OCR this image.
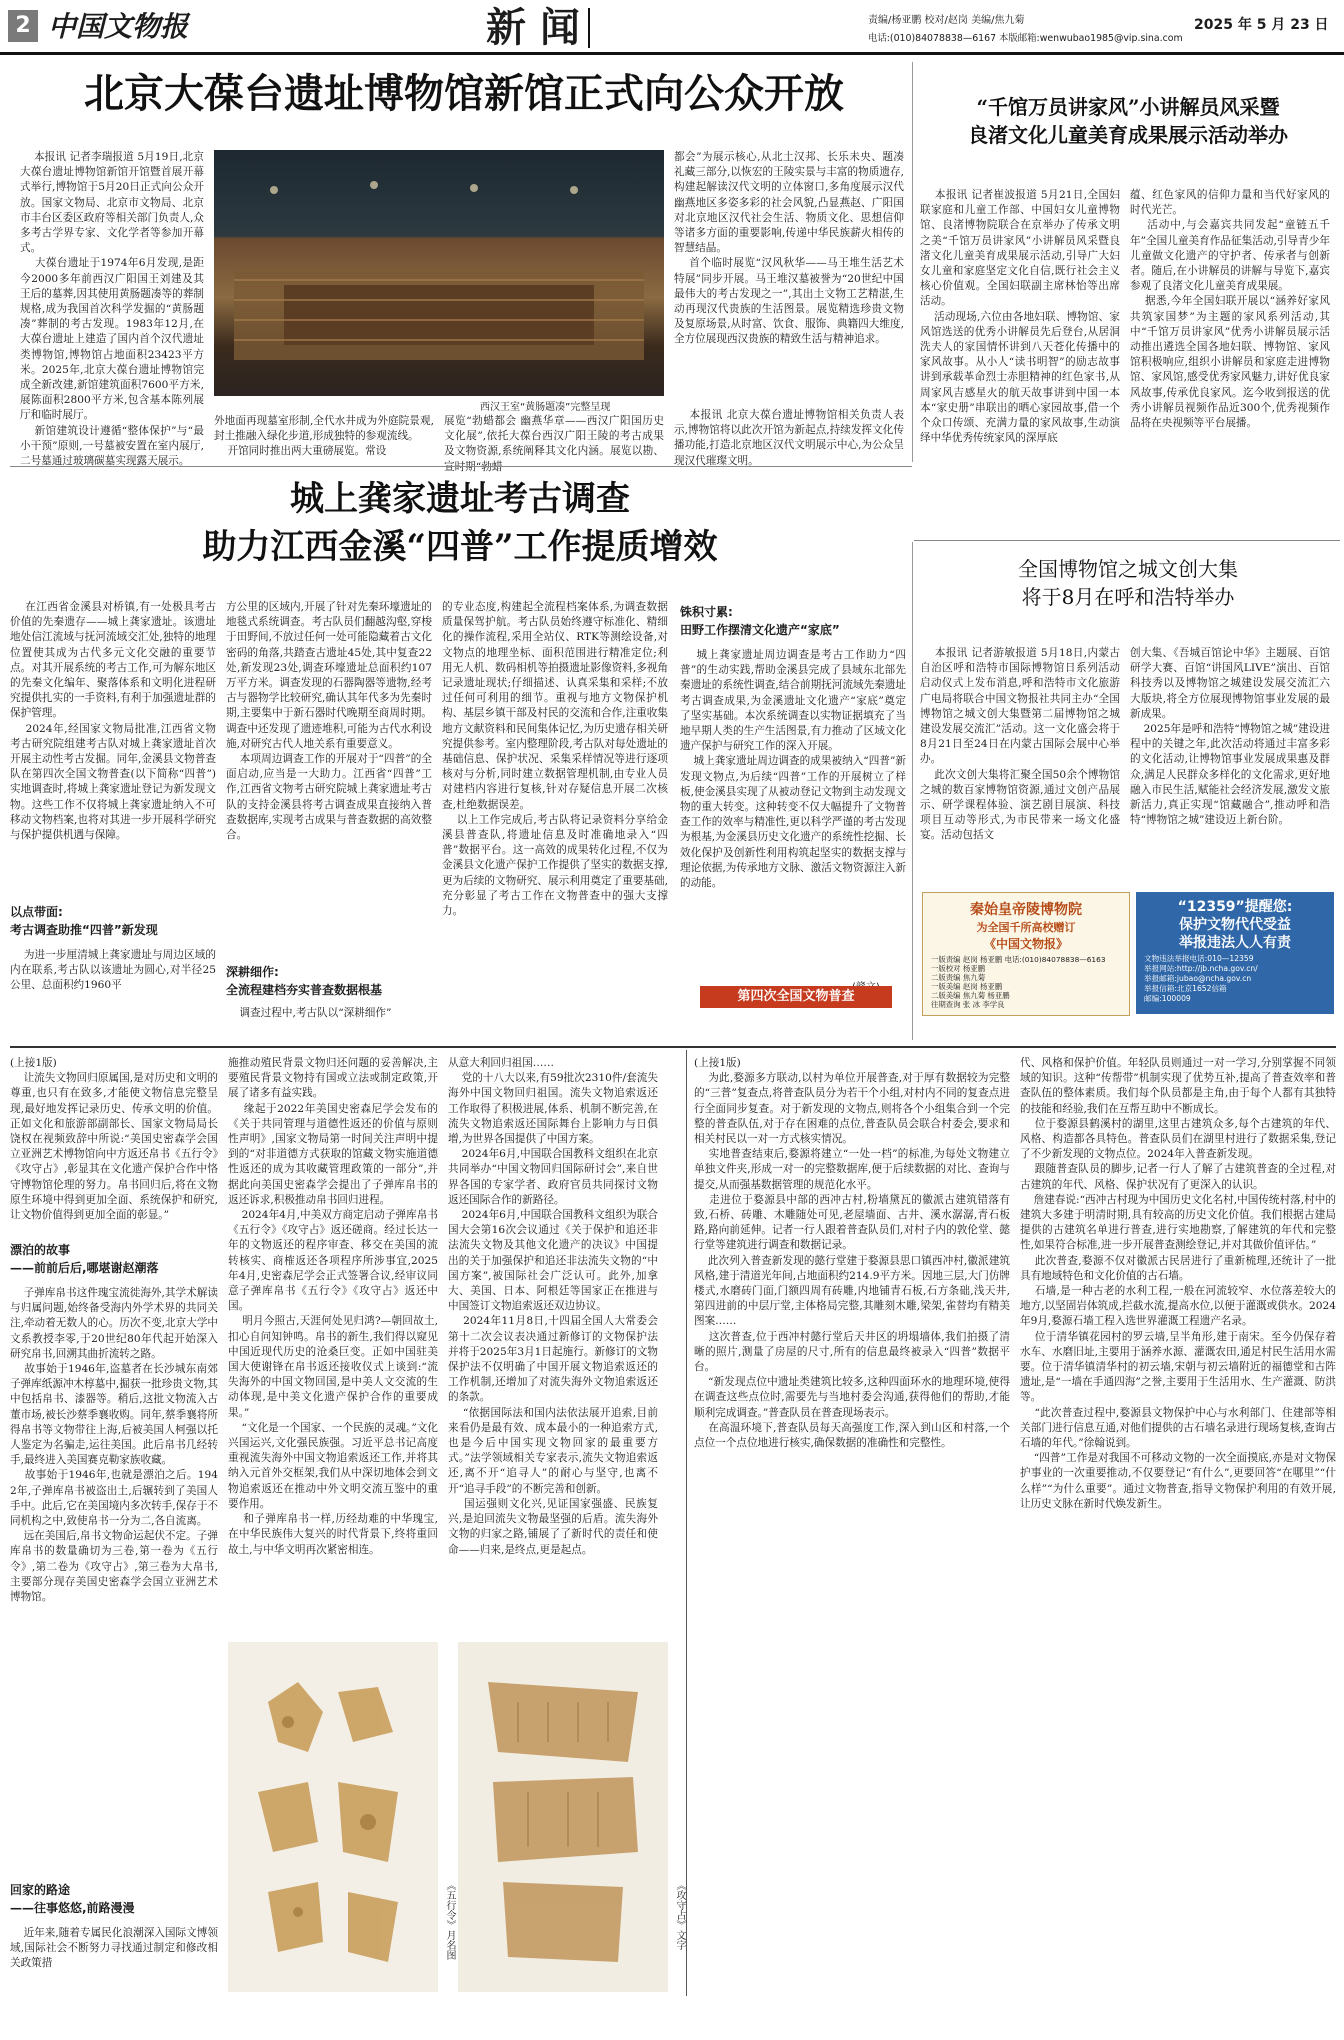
2 中国文物报	新 闻	责编/杨亚鹏 校对/赵岗 美编/焦九菊
电话:(010)84078838—6167 本版邮箱:wenwubao1985@vip.sina.com
2025 年 5 月 23 日
北京大葆台遗址博物馆新馆正式向公众开放
本报讯 记者李瑞报道 5月19日,北京大葆台遗址博物馆新馆开馆暨首展开幕式举行,博物馆于5月20日正式向公众开放。国家文物局、北京市文物局、北京市丰台区委区政府等相关部门负责人,众多考古学界专家、文化学者等参加开幕式。
大葆台遗址于1974年6月发现,是距今2000多年前西汉广阳国王刘建及其王后的墓葬,因其使用黄肠题凑等的葬制规格,成为我国首次科学发掘的“黄肠题凑”葬制的考古发现。1983年12月,在大葆台遗址上建造了国内首个汉代遗址类博物馆,博物馆占地面积23423平方米。2025年,北京大葆台遗址博物馆完成全新改建,新馆建筑面积7600平方米,展陈面积2800平方米,包含基本陈列展厅和临时展厅。
新馆建筑设计遵循“整体保护”与“最小干预”原则,一号墓被安置在室内展厅,二号墓通过玻璃碳墓实现露天展示。
西汉王室“黄肠题凑”完整呈现
外地面再现墓室形制,全代水井成为外庭院景观,封土推融入绿化步道,形成独特的参观流线。
开馆同时推出两大重磅展览。常设
展览“勃蜡都会 幽燕华章——西汉广阳国历史文化展”,依托大葆台西汉广阳王陵的考古成果及文物资源,系统阐释其文化内涵。展览以勘、宣时期“勃蜡
都会”为展示核心,从北土汉邦、长乐未央、题凑礼藏三部分,以恢宏的王陵实景与丰富的物质遗存,构建起解读汉代文明的立体窗口,多角度展示汉代幽燕地区多姿多彩的社会风貌,凸显燕赵、广阳国对北京地区汉代社会生活、物质文化、思想信仰等诸多方面的重要影响,传递中华民族薪火相传的智慧结晶。
首个临时展览“汉风秋华——马王堆生活艺术特展”同步开展。马王堆汉墓被誉为“20世纪中国最伟大的考古发现之一”,其出土文物工艺精湛,生动再现汉代贵族的生活图景。展览精选珍贵文物及复原场景,从时富、饮食、服饰、典籍四大维度,全方位展现西汉贵族的精致生活与精神追求。
本报讯 北京大葆台遗址博物馆相关负责人表示,博物馆将以此次开馆为新起点,持续发挥文化传播功能,打造北京地区汉代文明展示中心,为公众呈现汉代璀璨文明。
“千馆万员讲家风”小讲解员风采暨
良渚文化儿童美育成果展示活动举办
本报讯 记者崔波报道 5月21日,全国妇联家庭和儿童工作部、中国妇女儿童博物馆、良渚博物院联合在京举办了传承文明之美“千馆万员讲家风”小讲解员风采暨良渚文化儿童美育成果展示活动,引导广大妇女儿童和家庭坚定文化自信,既行社会主义核心价值观。全国妇联副主席林怡等出席活动。
活动现场,六位由各地妇联、博物馆、家风馆选送的优秀小讲解员先后登台,从居洞洗夫人的家国情怀讲到八天苍化传播中的家风故事。从小人“读书明智”的励志故事讲到承载革命烈士赤胆精神的红色家书,从周家风吉感星火的航天故事讲到中国一本本“家史册”串联出的晒心家园故事,借一个个众口传颂、充满力量的家风故事,生动演绎中华优秀传统家风的深厚底
蕴、红色家风的信仰力量和当代好家风的时代光芒。
活动中,与会嘉宾共同发起“童链五千年”全国儿童美育作品征集活动,引导青少年儿童做文化遗产的守护者、传承者与创新者。随后,在小讲解员的讲解与导览下,嘉宾参观了良渚文化儿童美育成果展。
据悉,今年全国妇联开展以“涵养好家风 共筑家国梦”为主题的家风系列活动,其中“千馆万员讲家风”优秀小讲解员展示活动推出遴选全国各地妇联、博物馆、家风馆积极响应,组织小讲解员和家庭走进博物馆、家风馆,感受优秀家风魅力,讲好优良家风故事,传承优良家风。迄今收到报送的优秀小讲解员视频作品近300个,优秀视频作品将在央视频等平台展播。
城上龚家遗址考古调查
助力江西金溪“四普”工作提质增效
在江西省金溪县对桥镇,有一处极具考古价值的先秦遗存——城上龚家遗址。该遗址地处信江流域与抚河流域交汇处,独特的地理位置使其成为古代多元文化交融的重要节点。对其开展系统的考古工作,可为解东地区的先秦文化编年、聚落体系和文明化进程研究提供扎实的一手资料,有利于加强遗址群的保护管理。
2024年,经国家文物局批准,江西省文物考古研究院组建考古队对城上龚家遗址首次开展主动性考古发掘。同年,金溪县文物普查队在第四次全国文物普查(以下简称“四普”)实地调查时,将城上龚家遗址登记为新发现文物。这些工作不仅将城上龚家遗址纳入不可移动文物档案,也将对其进一步开展科学研究与保护提供机遇与保障。
以点带面:
考古调查助推“四普”新发现
为进一步厘清城上龚家遗址与周边区域的内在联系,考古队以该遗址为圆心,对半径25公里、总面积约1960平
方公里的区域内,开展了针对先秦环壕遗址的地毯式系统调查。考古队员们翻越沟壑,穿梭于田野间,不放过任何一处可能隐藏着古文化密码的角落,共踏查古遗址45处,其中复查22处,新发现23处,调查环壕遗址总面积约107万平方米。调查发现的石器陶器等遗物,经考古与器物学比较研究,确认其年代多为先秦时期,主要集中于新石器时代晚期至商周时期。调查中还发现了遗迹堆积,可能为古代水利设施,对研究古代人地关系有重要意义。
本项周边调查工作的开展对于“四普”的全面启动,应当是一大助力。江西省“四普”工作,江西省文物考古研究院城上龚家遗址考古队的支持金溪县将考古调查成果直接纳入普查数据库,实现考古成果与普查数据的高效整合。
深耕细作:
全流程建档夯实普查数据根基
调查过程中,考古队以“深耕细作”
的专业态度,构建起全流程档案体系,为调查数据质量保驾护航。考古队员始终遵守标准化、精细化的操作流程,采用全站仪、RTK等测绘设备,对文物点的地理坐标、面积范围进行精准定位;利用无人机、数码相机等拍摄遗址影像资料,多视角记录遗址现状;仔细描述、认真采集和采样;不放过任何可利用的细节。重视与地方文物保护机构、基层乡镇干部及村民的交流和合作,注重收集地方文献资料和民间集体记忆,为历史遗存相关研究提供参考。室内整理阶段,考古队对每处遗址的基础信息、保护状况、采集采样情况等进行逐项核对与分析,同时建立数据管理机制,由专业人员对建档内容进行复核,针对存疑信息开展二次核查,杜绝数据误差。
以上工作完成后,考古队将记录资料分享给金溪县普查队,将遗址信息及时准确地录入“四普”数据平台。这一高效的成果转化过程,不仅为金溪县文化遗产保护工作提供了坚实的数据支撑,更为后续的文物研究、展示利用奠定了重要基础,充分彰显了考古工作在文物普查中的强大支撑力。
铢积寸累:
田野工作摆清文化遗产“家底”
城上龚家遗址周边调查是考古工作助力“四普”的生动实践,帮助金溪县完成了县域东北部先秦遗址的系统性调查,结合前期抚河流域先秦遗址考古调查成果,为金溪遗址文化遗产“家底”奠定了坚实基础。本次系统调查以实物证据填充了当地早期人类的生产生活图景,有力推动了区域文化遗产保护与研究工作的深入开展。
城上龚家遗址周边调查的成果被纳入“四普”新发现文物点,为后续“四普”工作的开展树立了样板,使金溪县实现了从被动登记文物到主动发现文物的重大转变。这种转变不仅大幅提升了文物普查工作的效率与精准性,更以科学严谨的考古发现为根基,为金溪县历史文化遗产的系统性挖掘、长效化保护及创新性利用构筑起坚实的数据支撑与理论依据,为传承地方文脉、激活文物资源注入新的动能。
全国博物馆之城文创大集
将于8月在呼和浩特举办
本报讯 记者游敏报道 5月18日,内蒙古自治区呼和浩特市国际博物馆日系列活动启动仪式上发布消息,呼和浩特市文化旅游广电局将联合中国文物报社共同主办“全国博物馆之城文创大集暨第二届博物馆之城建设发展交流汇”活动。这一文化盛会将于8月21日至24日在内蒙古国际会展中心举办。
此次文创大集将汇聚全国50余个博物馆之城的数百家博物馆资源,通过文创产品展示、研学课程体验、演艺剧目展演、科技项目互动等形式,为市民带来一场文化盛宴。活动包括文
创大集、《吾城百馆论中华》主题展、百馆研学大赛、百馆“讲国风LIVE”演出、百馆科技秀以及博物馆之城建设发展交流汇六大版块,将全方位展现博物馆事业发展的最新成果。
2025年是呼和浩特“博物馆之城”建设进程中的关键之年,此次活动将通过丰富多彩的文化活动,让博物馆事业发展成果惠及群众,满足人民群众多样化的文化需求,更好地融入市民生活,赋能社会经济发展,激发文旅新活力,真正实现“馆藏融合”,推动呼和浩特“博物馆之城”建设迈上新台阶。
秦始皇帝陵博物院
为全国千所高校赠订
《中国文物报》
一版责编 赵岗 杨亚鹏 电话:(010)84078838—6163
一版校对 杨亚鹏
二版责编 焦九菊
一版美编 赵岗 杨亚鹏
二版美编 焦九菊 杨亚鹏
往期查询 张 冰 李学良
第四次全国文物普查
“12359”提醒您:
保护文物代代受益
举报违法人人有责
文物违法举报电话:010—12359
举报网站:http://jb.ncha.gov.cn/
举报邮箱:jubao@ncha.gov.cn
举报信箱:北京1652信箱
邮编:100009
(上接1版)
让流失文物回归原属国,是对历史和文明的尊重,也只有在致多,才能使文物信息完整呈现,最好地发挥记录历史、传承文明的价值。正如文化和旅游部副部长、国家文物局局长饶权在视频致辞中所说:“美国史密森学会国立亚洲艺术博物馆向中方返还帛书《五行令》《攻守占》,彰显其在文化遗产保护合作中恪守博物馆伦理的努力。帛书回归后,将在文物原生环境中得到更加全面、系统保护和研究,让文物价值得到更加全面的彰显。”
漂泊的故事
——前前后后,哪堪谢赵潮落
子弹库帛书这件瑰宝流徙海外,其学术解读与归属问题,始终备受海内外学术界的共同关注,牵动着无数人的心。历次不变,北京大学中文系教授李零,于20世纪80年代起开始深入研究帛书,回溯其曲折流转之路。
故事始于1946年,盗墓者在长沙城东南郊子弹库纸源冲木椁墓中,掘获一批珍贵文物,其中包括帛书、漆器等。稍后,这批文物流入古董市场,被长沙蔡季襄收购。同年,蔡季襄将所得帛书等文物带往上海,后被美国人柯强以托人鉴定为名骗走,运往美国。此后帛书几经转手,最终进入美国赛克勒家族收藏。
故事始于1946年,也就是漂泊之后。1942年,子弹库帛书被盗出土,后辗转到了美国人手中。此后,它在美国境内多次转手,保存于不同机构之中,致使帛书一分为二,各自流离。
远在美国后,帛书文物命运起伏不定。子弹库帛书的数量确切为三卷,第一卷为《五行令》,第二卷为《攻守占》,第三卷为大帛书,主要部分现存美国史密森学会国立亚洲艺术博物馆。
回家的路途
——往事悠悠,前路漫漫
近年来,随着专属民化浪潮深入国际文博领域,国际社会不断努力寻找通过制定和修改相关政策措
施推动殖民背景文物归还问题的妥善解决,主要殖民背景文物持有国或立法或制定政策,开展了诸多有益实践。
缘起于2022年美国史密森尼学会发布的《关于共同管理与道德性返还的价值与原则性声明》,国家文物局第一时间关注声明中提到的“对非道德方式获取的馆藏文物实施道德性返还的成为其收藏管理政策的一部分”,并据此向美国史密森学会提出了子弹库帛书的返还诉求,积极推动帛书回归进程。
2024年4月,中美双方商定启动子弹库帛书《五行令》《攻守占》返还磋商。经过长达一年的文物返还的程序审查、移交在美国的流转核实、商榷返还各项程序所涉事宜,2025年4月,史密森尼学会正式签署合议,经审议同意子弹库帛书《五行令》《攻守占》返还中国。
明月今照古,天涯何处见归鸿?—朝回故土,扣心自问知钟鸣。帛书的新生,我们得以窥见中国近现代历史的沧桑巨变。正如中国驻美国大使谢锋在帛书返还接收仪式上谈到:“流失海外的中国文物回国,是中美人文交流的生动体现,是中美文化遗产保护合作的重要成果。”
“文化是一个国家、一个民族的灵魂。”文化兴国运兴,文化强民族强。习近平总书记高度重视流失海外中国文物追索返还工作,并将其纳入元首外交框架,我们从中深切地体会到文物追索返还在推动中外文明交流互鉴中的重要作用。
和子弹库帛书一样,历经劫难的中华瑰宝,在中华民族伟大复兴的时代背景下,终将重回故土,与中华文明再次紧密相连。
从意大利回归祖国……
党的十八大以来,有59批次2310件/套流失海外中国文物回归祖国。流失文物追索返还工作取得了积极进展,体系、机制不断完善,在流失文物追索返还国际舞台上影响力与日俱增,为世界各国提供了中国方案。
2024年6月,中国联合国教科文组织在北京共同举办“中国文物回归国际研讨会”,来自世界各国的专家学者、政府官员共同探讨文物返还国际合作的新路径。
2024年6月,中国联合国教科文组织为联合国大会第16次会议通过《关于保护和追还非法流失文物及其他文化遗产的决议》中国提出的关于加强保护和追还非法流失文物的“中国方案”,被国际社会广泛认可。此外,加拿大、美国、日本、阿根廷等国家正在推进与中国签订文物追索返还双边协议。
2024年11月8日,十四届全国人大常委会第十二次会议表决通过新修订的文物保护法并将于2025年3月1日起施行。新修订的文物保护法不仅明确了中国开展文物追索返还的工作机制,还增加了对流失海外文物追索返还的条款。
“依据国际法和国内法依法展开追索,目前来看仍是最有效、成本最小的一种追索方式,也是今后中国实现文物回家的最重要方式。”法学领域相关专家表示,流失文物追索返还,离不开“追寻人”的耐心与坚守,也离不开“追寻手段”的不断完善和创新。
国运强则文化兴,见证国家强盛、民族复兴,是迫回流失文物最坚强的后盾。流失海外文物的归家之路,铺展了了新时代的责任和使命——归来,是终点,更是起点。
《五行令》月名图	《攻守占》文字
(上接1版)
为此,婺源多方联动,以村为单位开展普查,对于厚有数据较为完整的“三普”复查点,将普查队员分为若干个小组,对村内不同的复查点进行全面同步复查。对于新发现的文物点,则将各个小组集合到一个完整的普查队伍,对于存在困难的点位,普查队员会联合村委会,要求和相关村民以一对一方式核实情况。
实地普查结束后,婺源将建立“一处一档”的标准,为每处文物建立单独文件夹,形成一对一的完整数据库,便于后续数据的对比、查询与提交,从而强基数据管理的规范化水平。
走进位于婺源县中部的西冲古村,粉墙黛瓦的徽派古建筑错落有致,石桥、砖雕、木雕随处可见,老屋墙面、古井、溪水潺潺,青石板路,路向前延伸。记者一行人跟着普查队员们,对村子内的敦伦堂、懿行堂等建筑进行调查和数据记录。
此次列入普查新发现的懿行堂建于婺源县思口镇西冲村,徽派建筑风格,建于清道光年间,占地面积约214.9平方米。因地三层,大门仿牌楼式,水磨砖门面,门额四周有砖雕,内地铺青石板,石方条础,浅天井,第四进前的中层厅堂,主体格局完整,其雕刻木雕,梁架,雀替均有精美图案……
这次普查,位于西冲村懿行堂后天井区的坍塌墙体,我们拍摄了清晰的照片,测量了房屋的尺寸,所有的信息最终被录入“四普”数据平台。
“新发现点位中遗址类建筑比较多,这种四面环水的地理环境,使得在调查这些点位时,需要先与当地村委会沟通,获得他们的帮助,才能顺利完成调查。”普查队员在普查现场表示。
在高温环境下,普查队员每天高强度工作,深入到山区和村落,一个点位一个点位地进行核实,确保数据的准确性和完整性。
代、风格和保护价值。年轻队员则通过一对一学习,分别掌握不同领域的知识。这种“传帮带”机制实现了优势互补,提高了普查效率和普查队伍的整体素质。我们每个队员都是主角,由于每个人都有其独特的技能和经验,我们在互帮互助中不断成长。
位于婺源县鹤溪村的湖里,这里古建筑众多,每个古建筑的年代、风格、构造都各具特色。普查队员们在湖里村进行了数据采集,登记了不少新发现的文物点位。2024年入普查新发现。
跟随普查队员的脚步,记者一行人了解了古建筑普查的全过程,对古建筑的年代、风格、保护状况有了更深入的认识。
詹建春说:“西冲古村现为中国历史文化名村,中国传统村落,村中的建筑大多建于明清时期,具有较高的历史文化价值。我们根据古建局提供的古建筑名单进行普查,进行实地勘察,了解建筑的年代和完整性,如果符合标准,进一步开展普查测绘登记,并对其做价值评估。”
此次普查,婺源不仅对徽派古民居进行了重新梳理,还统计了一批具有地域特色和文化价值的古石墙。
石墙,是一种古老的水利工程,一般在河流较窄、水位落差较大的地方,以坚固岩体筑成,拦截水流,提高水位,以便于灌溉或供水。2024年9月,婺源石墙工程入选世界灌溉工程遗产名录。
位于清华镇花园村的罗云墙,呈半角形,建于南宋。至今仍保存着水车、水磨旧址,主要用于涵养水源、灌溉农田,通足村民生活用水需要。位于清华镇清华村的初云墙,宋朝与初云墙附近的福德堂和古阵遗址,是“一墙在手通四海”之誉,主要用于生活用水、生产灌溉、防洪等。
“此次普查过程中,婺源县文物保护中心与水利部门、住建部等相关部门进行信息互通,对他们提供的古石墙名录进行现场复核,查询古石墙的年代。”徐翰说到。
“四普”工作是对我国不可移动文物的一次全面摸底,亦是对文物保护事业的一次重要推动,不仅要登记“有什么”,更要回答“在哪里”“什么样”“为什么重要”。通过文物普查,指导文物保护利用的有效开展,让历史文脉在新时代焕发新生。
